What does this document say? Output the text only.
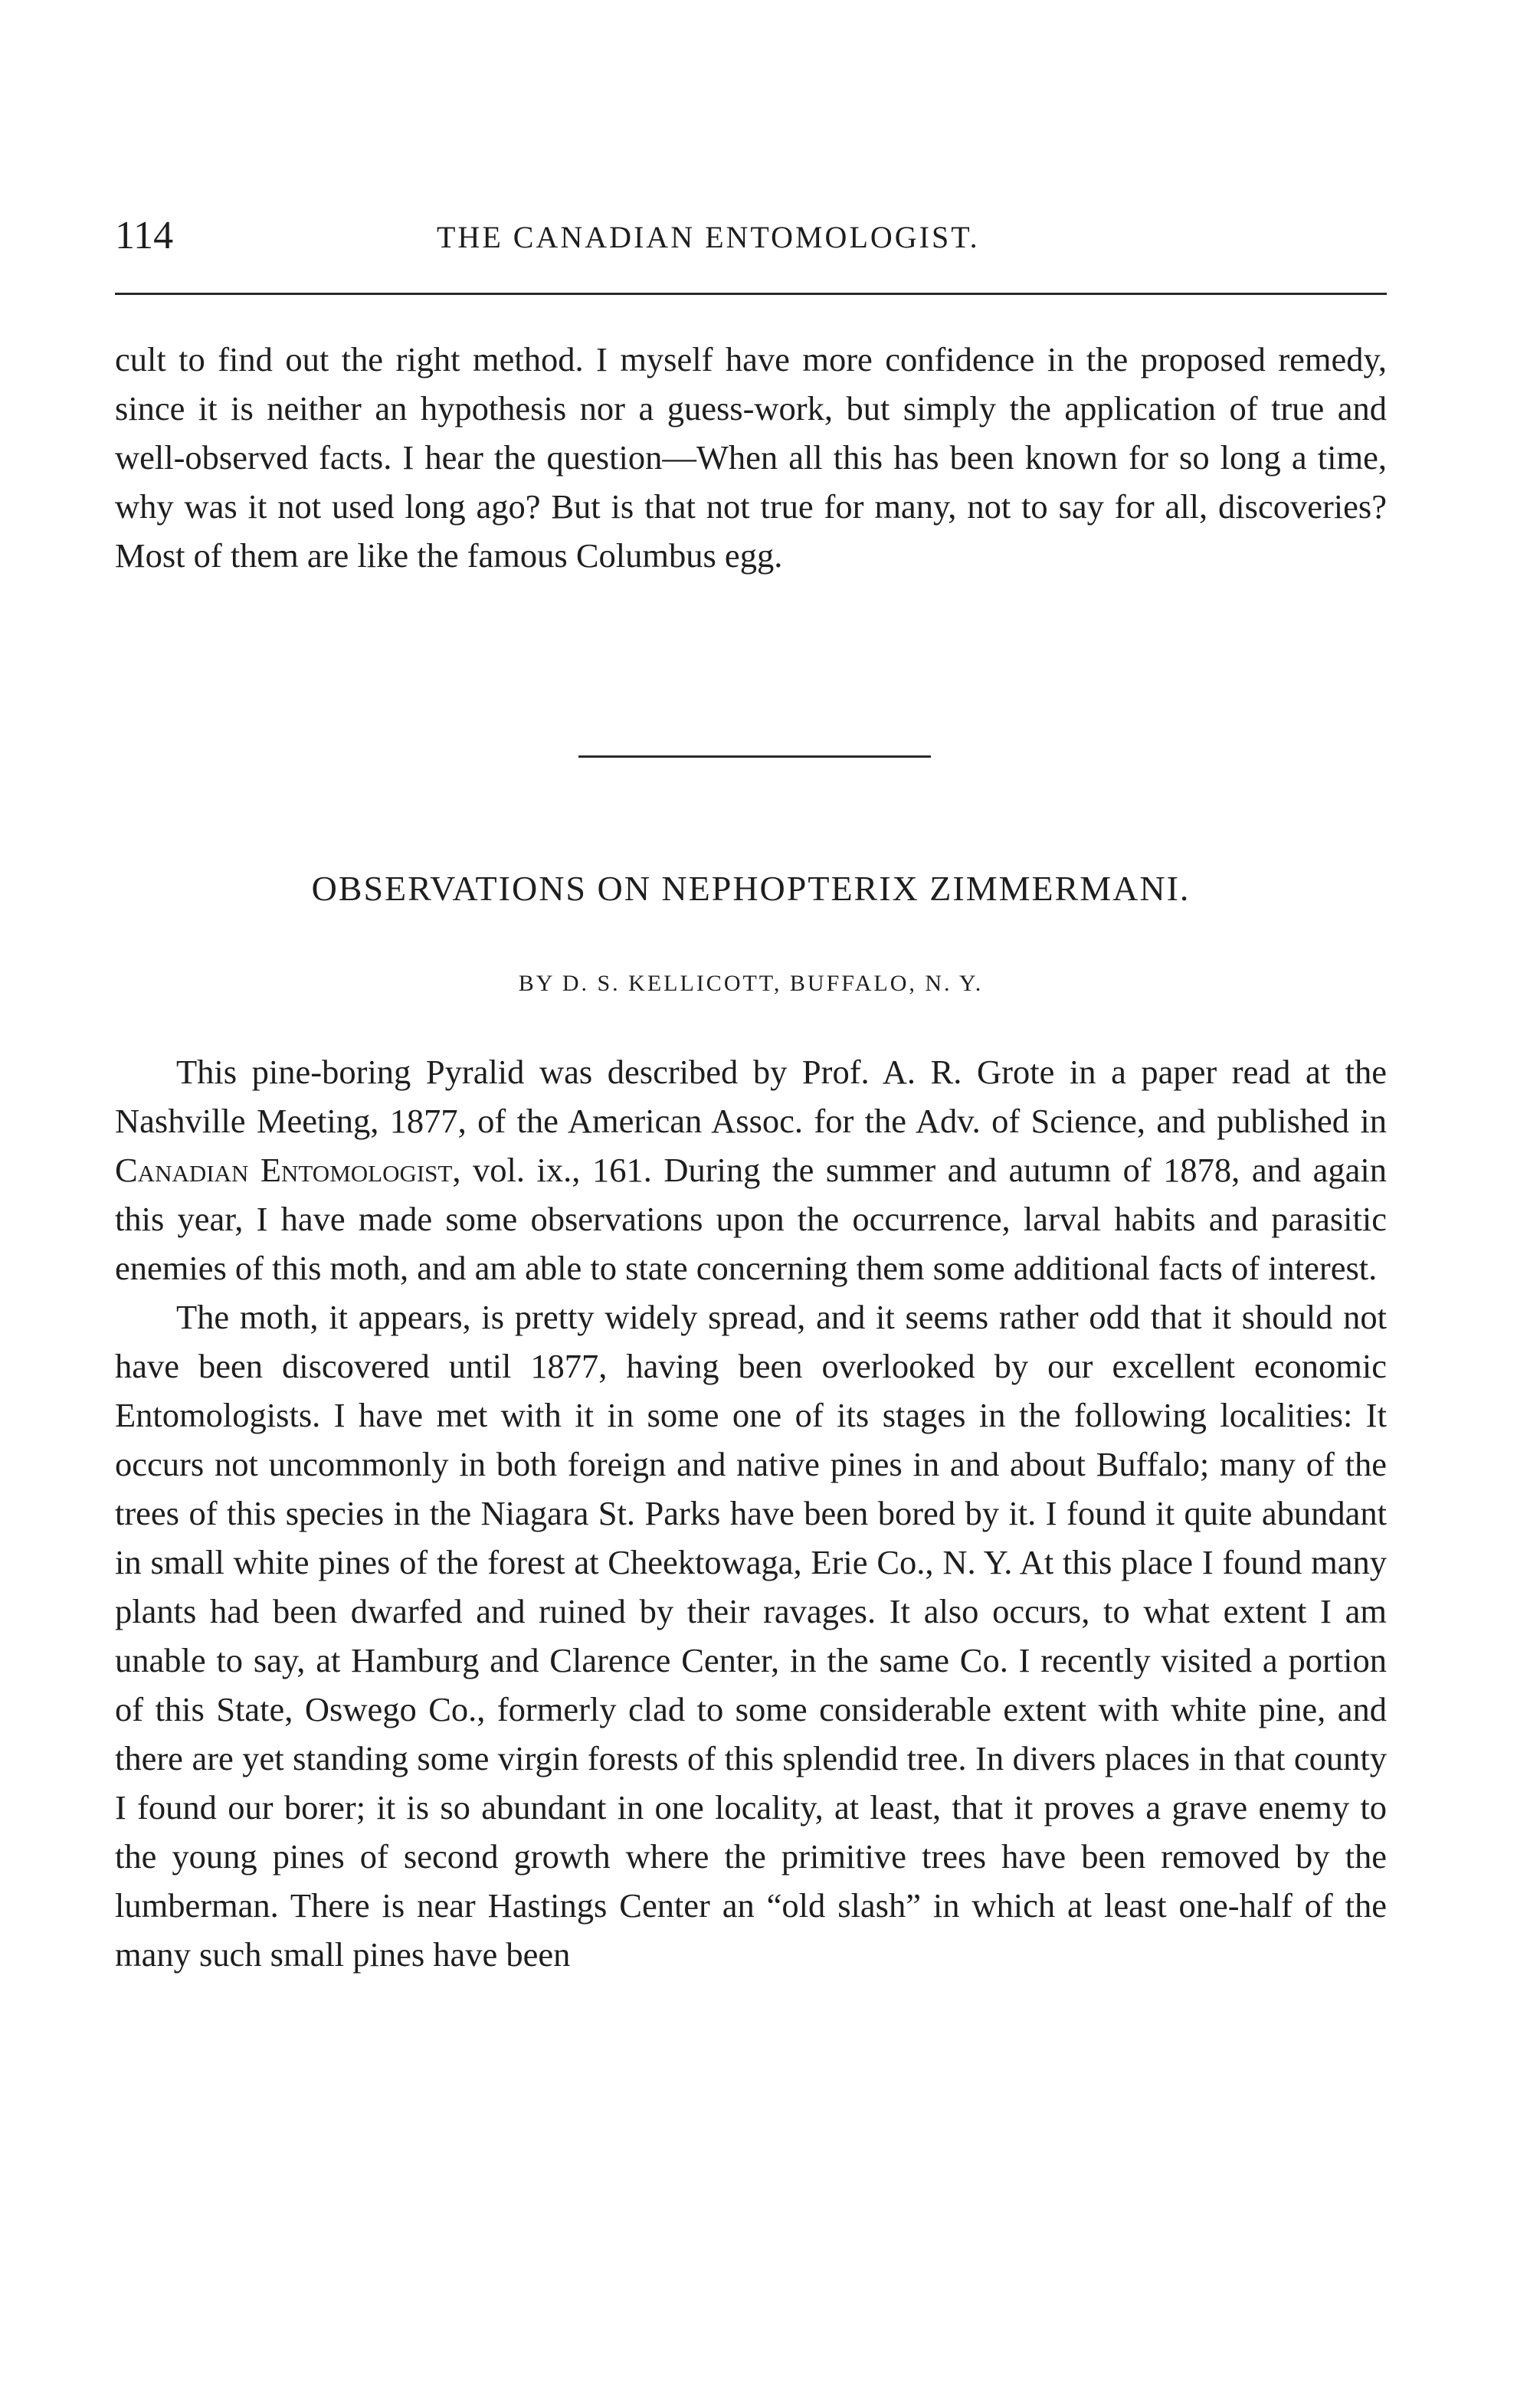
114	THE CANADIAN ENTOMOLOGIST.

cult to find out the right method. I myself have more confidence in the proposed remedy, since it is neither an hypothesis nor a guess-work, but simply the application of true and well-observed facts. I hear the question—When all this has been known for so long a time, why was it not used long ago? But is that not true for many, not to say for all, discoveries? Most of them are like the famous Columbus egg.

OBSERVATIONS ON NEPHOPTERIX ZIMMERMANI.
BY D. S. KELLICOTT, BUFFALO, N. Y.

This pine-boring Pyralid was described by Prof. A. R. Grote in a paper read at the Nashville Meeting, 1877, of the American Assoc. for the Adv. of Science, and published in Canadian Entomologist, vol. ix., 161. During the summer and autumn of 1878, and again this year, I have made some observations upon the occurrence, larval habits and parasitic enemies of this moth, and am able to state concerning them some additional facts of interest.

The moth, it appears, is pretty widely spread, and it seems rather odd that it should not have been discovered until 1877, having been overlooked by our excellent economic Entomologists. I have met with it in some one of its stages in the following localities: It occurs not uncommonly in both foreign and native pines in and about Buffalo; many of the trees of this species in the Niagara St. Parks have been bored by it. I found it quite abundant in small white pines of the forest at Cheektowaga, Erie Co., N. Y. At this place I found many plants had been dwarfed and ruined by their ravages. It also occurs, to what extent I am unable to say, at Hamburg and Clarence Center, in the same Co. I recently visited a portion of this State, Oswego Co., formerly clad to some considerable extent with white pine, and there are yet standing some virgin forests of this splendid tree. In divers places in that county I found our borer; it is so abundant in one locality, at least, that it proves a grave enemy to the young pines of second growth where the primitive trees have been removed by the lumberman. There is near Hastings Center an “old slash” in which at least one-half of the many such small pines have been
